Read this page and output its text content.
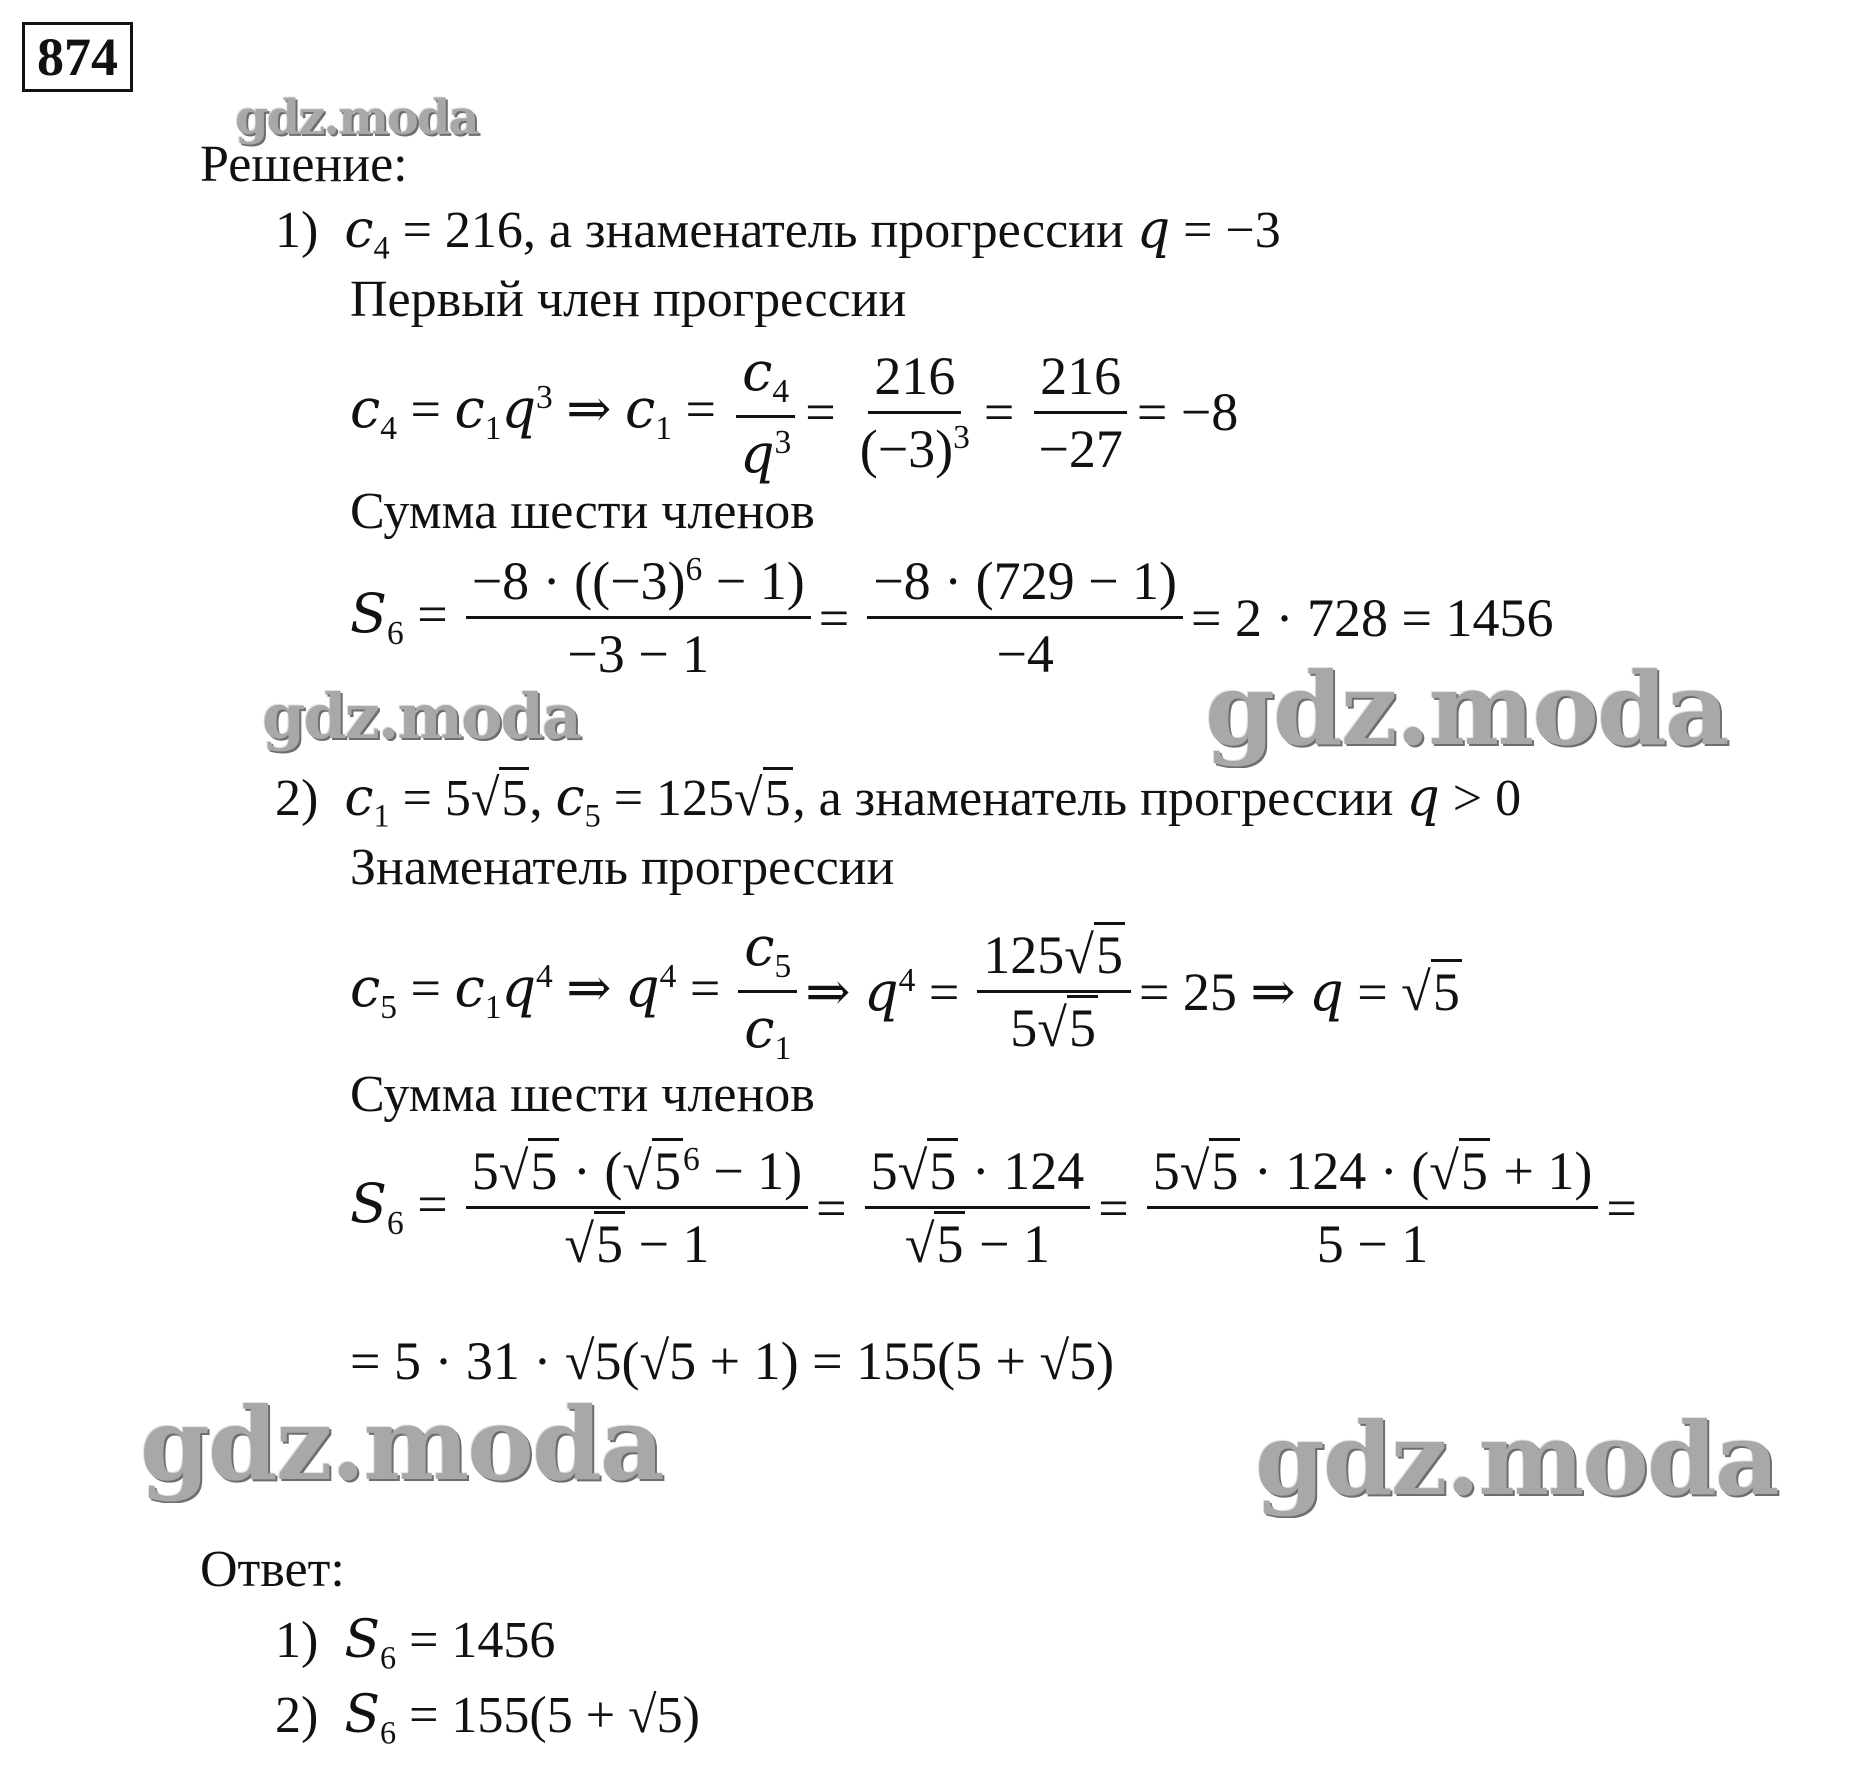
874
gdz.moda
gdz.moda	gdz.moda
gdz.moda	gdz.moda
Решение:
1) $c_4 = 216$, a знаменатель прогрессии q = −3
Первый член прогрессии
$c_4 = c_1q^3$ ⇒ $c_1 = \frac{c_4}{q^3} = \frac{216}{(-3)^3} = \frac{216}{-27} = -8$
Сумма шести членов
$S_6 = \frac{-8 \cdot ((-3)^6 - 1)}{-3 - 1} = \frac{-8 \cdot (729 - 1)}{-4} = 2 \cdot 728 = 1456$
2) $c_1 = 5√5$, $c_5 = 125√5$, a знаменатель прогрессии q > 0
Знаменатель прогрессии
$c_5 = c_1q^4$ ⇒ $q^4 = \frac{c_5}{c_1}$ ⇒ $q^4 = \frac{125√5}{5√5} = 25$ ⇒ q = √5
Сумма шести членов
$S_6 = \frac{5√5 \cdot (√5^6 - 1)}{√5 - 1} = \frac{5√5 \cdot 124}{√5 - 1} = \frac{5√5 \cdot 124 \cdot (√5 + 1)}{5 - 1}$ =
= 5 · 31 · √5(√5 + 1) = 155(5 + √5)
Ответ:
1) $S_6 = 1456$
2) $S_6 = 155(5 + √5)$
